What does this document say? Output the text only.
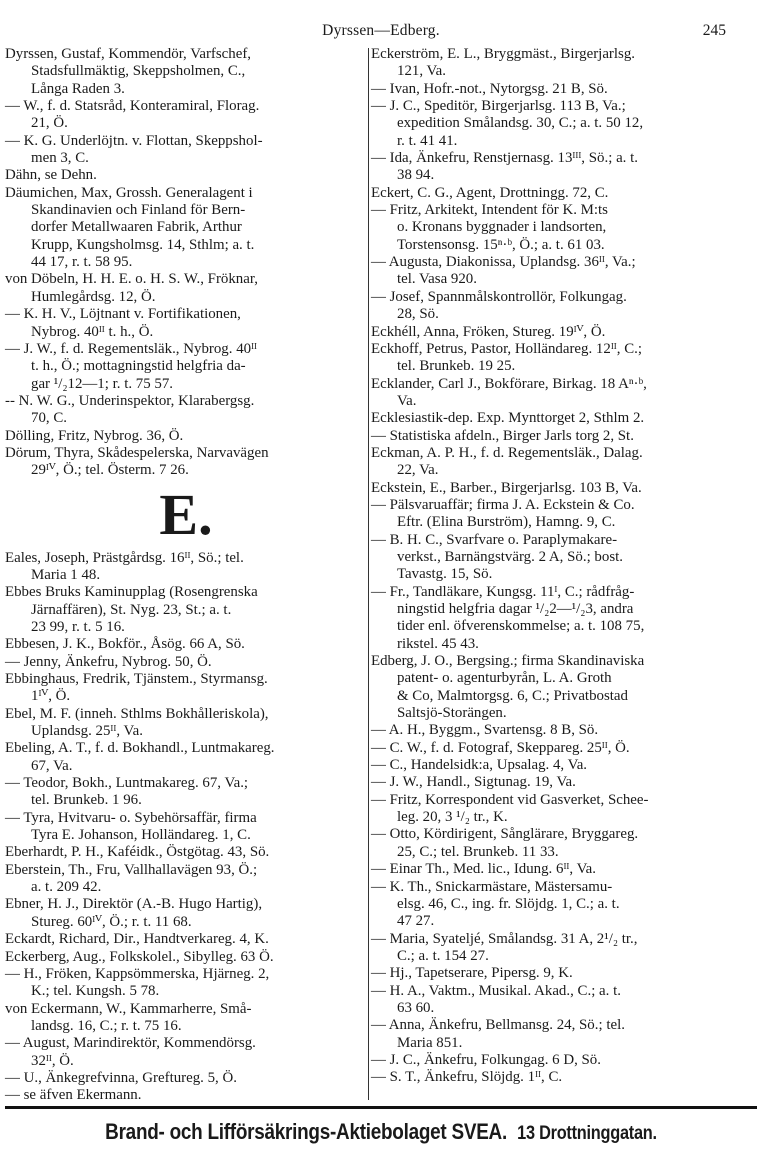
Dyrssen—Edberg.	245
Dyrssen, Gustaf, Kommendör, Varfschef,
Stadsfullmäktig, Skeppsholmen, C.,
Långa Raden 3.
— W., f. d. Statsråd, Konteramiral, Florag.
21, Ö.
— K. G. Underlöjtn. v. Flottan, Skeppshol-
men 3, C.
Dähn, se Dehn.
Däumichen, Max, Grossh. Generalagent i
Skandinavien och Finland för Bern-
dorfer Metallwaaren Fabrik, Arthur
Krupp, Kungsholmsg. 14, Sthlm; a. t.
44 17, r. t. 58 95.
von Döbeln, H. H. E. o. H. S. W., Fröknar,
Humlegårdsg. 12, Ö.
— K. H. V., Löjtnant v. Fortifikationen,
Nybrog. 40ᴵᴵ t. h., Ö.
— J. W., f. d. Regementsläk., Nybrog. 40ᴵᴵ
t. h., Ö.; mottagningstid helgfria da-
gar ¹/₂12—1; r. t. 75 57.
-- N. W. G., Underinspektor, Klarabergsg.
70, C.
Dölling, Fritz, Nybrog. 36, Ö.
Dörum, Thyra, Skådespelerska, Narvavägen
29ᴵⱽ, Ö.; tel. Österm. 7 26.
E.
Eales, Joseph, Prästgårdsg. 16ᴵᴵ, Sö.; tel.
Maria 1 48.
Ebbes Bruks Kaminupplag (Rosengrenska
Järnaffären), St. Nyg. 23, St.; a. t.
23 99, r. t. 5 16.
Ebbesen, J. K., Bokför., Åsög. 66 A, Sö.
— Jenny, Änkefru, Nybrog. 50, Ö.
Ebbinghaus, Fredrik, Tjänstem., Styrmansg.
1ᴵⱽ, Ö.
Ebel, M. F. (inneh. Sthlms Bokhålleriskola),
Uplandsg. 25ᴵᴵ, Va.
Ebeling, A. T., f. d. Bokhandl., Luntmakareg.
67, Va.
— Teodor, Bokh., Luntmakareg. 67, Va.;
tel. Brunkeb. 1 96.
— Tyra, Hvitvaru- o. Sybehörsaffär, firma
Tyra E. Johanson, Holländareg. 1, C.
Eberhardt, P. H., Kaféidk., Östgötag. 43, Sö.
Eberstein, Th., Fru, Vallhallavägen 93, Ö.;
a. t. 209 42.
Ebner, H. J., Direktör (A.-B. Hugo Hartig),
Stureg. 60ᴵⱽ, Ö.; r. t. 11 68.
Eckardt, Richard, Dir., Handtverkareg. 4, K.
Eckerberg, Aug., Folkskolel., Sibylleg. 63 Ö.
— H., Fröken, Kappsömmerska, Hjärneg. 2,
K.; tel. Kungsh. 5 78.
von Eckermann, W., Kammarherre, Små-
landsg. 16, C.; r. t. 75 16.
— August, Marindirektör, Kommendörsg.
32ᴵᴵ, Ö.
— U., Änkegrefvinna, Greftureg. 5, Ö.
— se äfven Ekermann.
Eckerström, E. L., Bryggmäst., Birgerjarlsg.
121, Va.
— Ivan, Hofr.-not., Nytorgsg. 21 B, Sö.
— J. C., Speditör, Birgerjarlsg. 113 B, Va.;
expedition Smålandsg. 30, C.; a. t. 50 12,
r. t. 41 41.
— Ida, Änkefru, Renstjernasg. 13ᴵᴵᴵ, Sö.; a. t.
38 94.
Eckert, C. G., Agent, Drottningg. 72, C.
— Fritz, Arkitekt, Intendent för K. M:ts
o. Kronans byggnader i landsorten,
Torstensonsg. 15ⁿ·ᵇ, Ö.; a. t. 61 03.
— Augusta, Diakonissa, Uplandsg. 36ᴵᴵ, Va.;
tel. Vasa 920.
— Josef, Spannmålskontrollör, Folkungag.
28, Sö.
Eckhéll, Anna, Fröken, Stureg. 19ᴵⱽ, Ö.
Eckhoff, Petrus, Pastor, Holländareg. 12ᴵᴵ, C.;
tel. Brunkeb. 19 25.
Ecklander, Carl J., Bokförare, Birkag. 18 Aⁿ·ᵇ,
Va.
Ecklesiastik-dep. Exp. Mynttorget 2, Sthlm 2.
— Statistiska afdeln., Birger Jarls torg 2, St.
Eckman, A. P. H., f. d. Regementsläk., Dalag.
22, Va.
Eckstein, E., Barber., Birgerjarlsg. 103 B, Va.
— Pälsvaruaffär; firma J. A. Eckstein & Co.
Eftr. (Elina Burström), Hamng. 9, C.
— B. H. C., Svarfvare o. Paraplymakare-
verkst., Barnängstvärg. 2 A, Sö.; bost.
Tavastg. 15, Sö.
— Fr., Tandläkare, Kungsg. 11ᴵ, C.; rådfråg-
ningstid helgfria dagar ¹/₂2—¹/₂3, andra
tider enl. öfverenskommelse; a. t. 108 75,
rikstel. 45 43.
Edberg, J. O., Bergsing.; firma Skandinaviska
patent- o. agenturbyrån, L. A. Groth
& Co, Malmtorgsg. 6, C.; Privatbostad
Saltsjö-Storängen.
— A. H., Byggm., Svartensg. 8 B, Sö.
— C. W., f. d. Fotograf, Skeppareg. 25ᴵᴵ, Ö.
— C., Handelsidk:a, Upsalag. 4, Va.
— J. W., Handl., Sigtunag. 19, Va.
— Fritz, Korrespondent vid Gasverket, Schee-
leg. 20, 3 ¹/₂ tr., K.
— Otto, Kördirigent, Sånglärare, Bryggareg.
25, C.; tel. Brunkeb. 11 33.
— Einar Th., Med. lic., Idung. 6ᴵᴵ, Va.
— K. Th., Snickarmästare, Mästersamu-
elsg. 46, C., ing. fr. Slöjdg. 1, C.; a. t.
47 27.
— Maria, Syatelјé, Smålandsg. 31 A, 2¹/₂ tr.,
C.; a. t. 154 27.
— Hj., Tapetserare, Pipersg. 9, K.
— H. A., Vaktm., Musikal. Akad., C.; a. t.
63 60.
— Anna, Änkefru, Bellmansg. 24, Sö.; tel.
Maria 851.
— J. C., Änkefru, Folkungag. 6 D, Sö.
— S. T., Änkefru, Slöjdg. 1ᴵᴵ, C.
Brand- och Lifförsäkrings-Aktiebolaget SVEA. 13 Drottninggatan.
